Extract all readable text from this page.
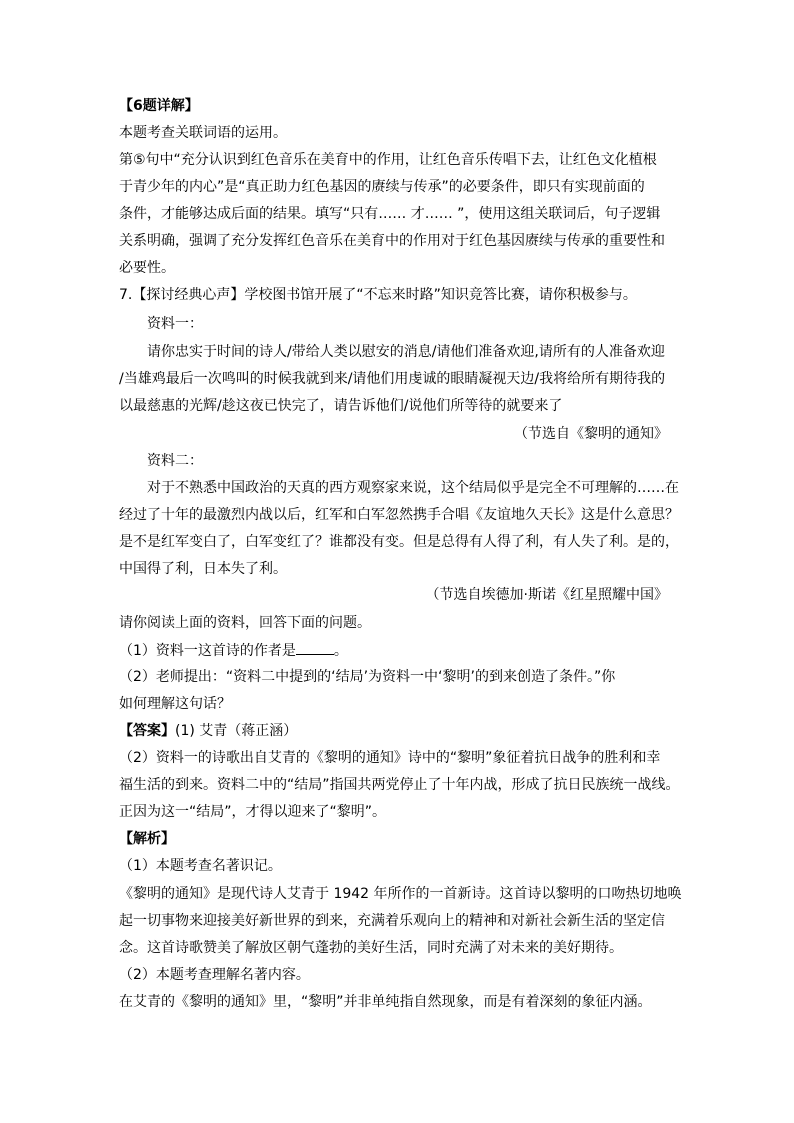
【6题详解】
本题考查关联词语的运用。
第⑤句中“充分认识到红色音乐在美育中的作用，让红色音乐传唱下去，让红色文化植根
于青少年的内心”是“真正助力红色基因的赓续与传承”的必要条件，即只有实现前面的
条件，才能够达成后面的结果。填写“只有…… 才…… ”，使用这组关联词后，句子逻辑
关系明确，强调了充分发挥红色音乐在美育中的作用对于红色基因赓续与传承的重要性和
必要性。
7.【探讨经典心声】学校图书馆开展了“不忘来时路”知识竞答比赛，请你积极参与。
资料一：
请你忠实于时间的诗人/带给人类以慰安的消息/请他们准备欢迎,请所有的人准备欢迎
/当雄鸡最后一次鸣叫的时候我就到来/请他们用虔诚的眼睛凝视天边/我将给所有期待我的
以最慈惠的光辉/趁这夜已快完了，请告诉他们/说他们所等待的就要来了
（节选自《黎明的通知》
资料二：
对于不熟悉中国政治的天真的西方观察家来说，这个结局似乎是完全不可理解的……在
经过了十年的最激烈内战以后，红军和白军忽然携手合唱《友谊地久天长》这是什么意思？
是不是红军变白了，白军变红了？谁都没有变。但是总得有人得了利，有人失了利。是的，
中国得了利，日本失了利。
（节选自埃德加·斯诺《红星照耀中国》
请你阅读上面的资料，回答下面的问题。
（1）资料一这首诗的作者是	。
（2）老师提出：“资料二中提到的‘结局’为资料一中‘黎明’的到来创造了条件。”你
如何理解这句话？
【答案】(1) 艾青（蒋正涵）
（2）资料一的诗歌出自艾青的《黎明的通知》诗中的“黎明”象征着抗日战争的胜利和幸
福生活的到来。资料二中的“结局”指国共两党停止了十年内战，形成了抗日民族统一战线。
正因为这一“结局”，才得以迎来了“黎明”。
【解析】
（1）本题考查名著识记。
《黎明的通知》是现代诗人艾青于 1942 年所作的一首新诗。这首诗以黎明的口吻热切地唤
起一切事物来迎接美好新世界的到来，充满着乐观向上的精神和对新社会新生活的坚定信
念。这首诗歌赞美了解放区朝气蓬勃的美好生活，同时充满了对未来的美好期待。
（2）本题考查理解名著内容。
在艾青的《黎明的通知》里，“黎明”并非单纯指自然现象，而是有着深刻的象征内涵。
